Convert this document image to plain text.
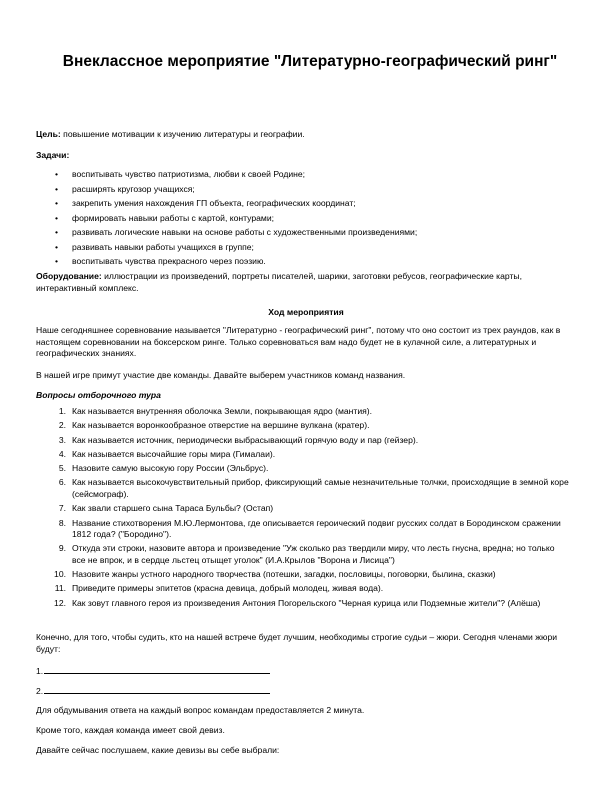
Внеклассное мероприятие "Литературно-географический ринг"
Цель: повышение мотивации к изучению литературы и географии.
Задачи:
• воспитывать чувство патриотизма, любви к своей Родине;
• расширять кругозор учащихся;
• закрепить умения нахождения ГП объекта, географических координат;
• формировать навыки работы с картой, контурами;
• развивать логические навыки на основе работы с художественными произведениями;
• развивать навыки работы учащихся в группе;
• воспитывать чувства прекрасного через поэзию.
Оборудование: иллюстрации из произведений, портреты писателей, шарики, заготовки ребусов, географические карты, интерактивный комплекс.
Ход мероприятия
Наше сегодняшнее соревнование называется "Литературно - географический ринг", потому что оно состоит из трех раундов, как в настоящем соревновании на боксерском ринге. Только соревноваться вам надо будет не в кулачной силе, а литературных и географических знаниях.
В нашей игре примут участие две команды. Давайте выберем участников команд названия.
Вопросы отборочного тура
1. Как называется внутренняя оболочка Земли, покрывающая ядро (мантия).
2. Как называется воронкообразное отверстие на вершине вулкана (кратер).
3. Как называется источник, периодически выбрасывающий горячую воду и пар (гейзер).
4. Как называется высочайшие горы мира (Гималаи).
5. Назовите самую высокую гору России (Эльбрус).
6. Как называется высокочувствительный прибор, фиксирующий самые незначительные толчки, происходящие в земной коре (сейсмограф).
7. Как звали старшего сына Тараса Бульбы? (Остап)
8. Название стихотворения М.Ю.Лермонтова, где описывается героический подвиг русских солдат в Бородинском сражении 1812 года? ("Бородино").
9. Откуда эти строки, назовите автора и произведение "Уж сколько раз твердили миру, что лесть гнусна, вредна; но только все не впрок, и в сердце льстец отыщет уголок" (И.А.Крылов "Ворона и Лисица")
10. Назовите жанры устного народного творчества (потешки, загадки, пословицы, поговорки, былина, сказки)
11. Приведите примеры эпитетов (красна девица, добрый молодец, живая вода).
12. Как зовут главного героя из произведения Антония Погорельского "Черная курица или Подземные жители"? (Алёша)
Конечно, для того, чтобы судить, кто на нашей встрече будет лучшим, необходимы строгие судьи – жюри. Сегодня членами жюри будут:
1.
2.
Для обдумывания ответа на каждый вопрос командам предоставляется 2 минута.
Кроме того, каждая команда имеет свой девиз.
Давайте сейчас послушаем, какие девизы вы себе выбрали:
